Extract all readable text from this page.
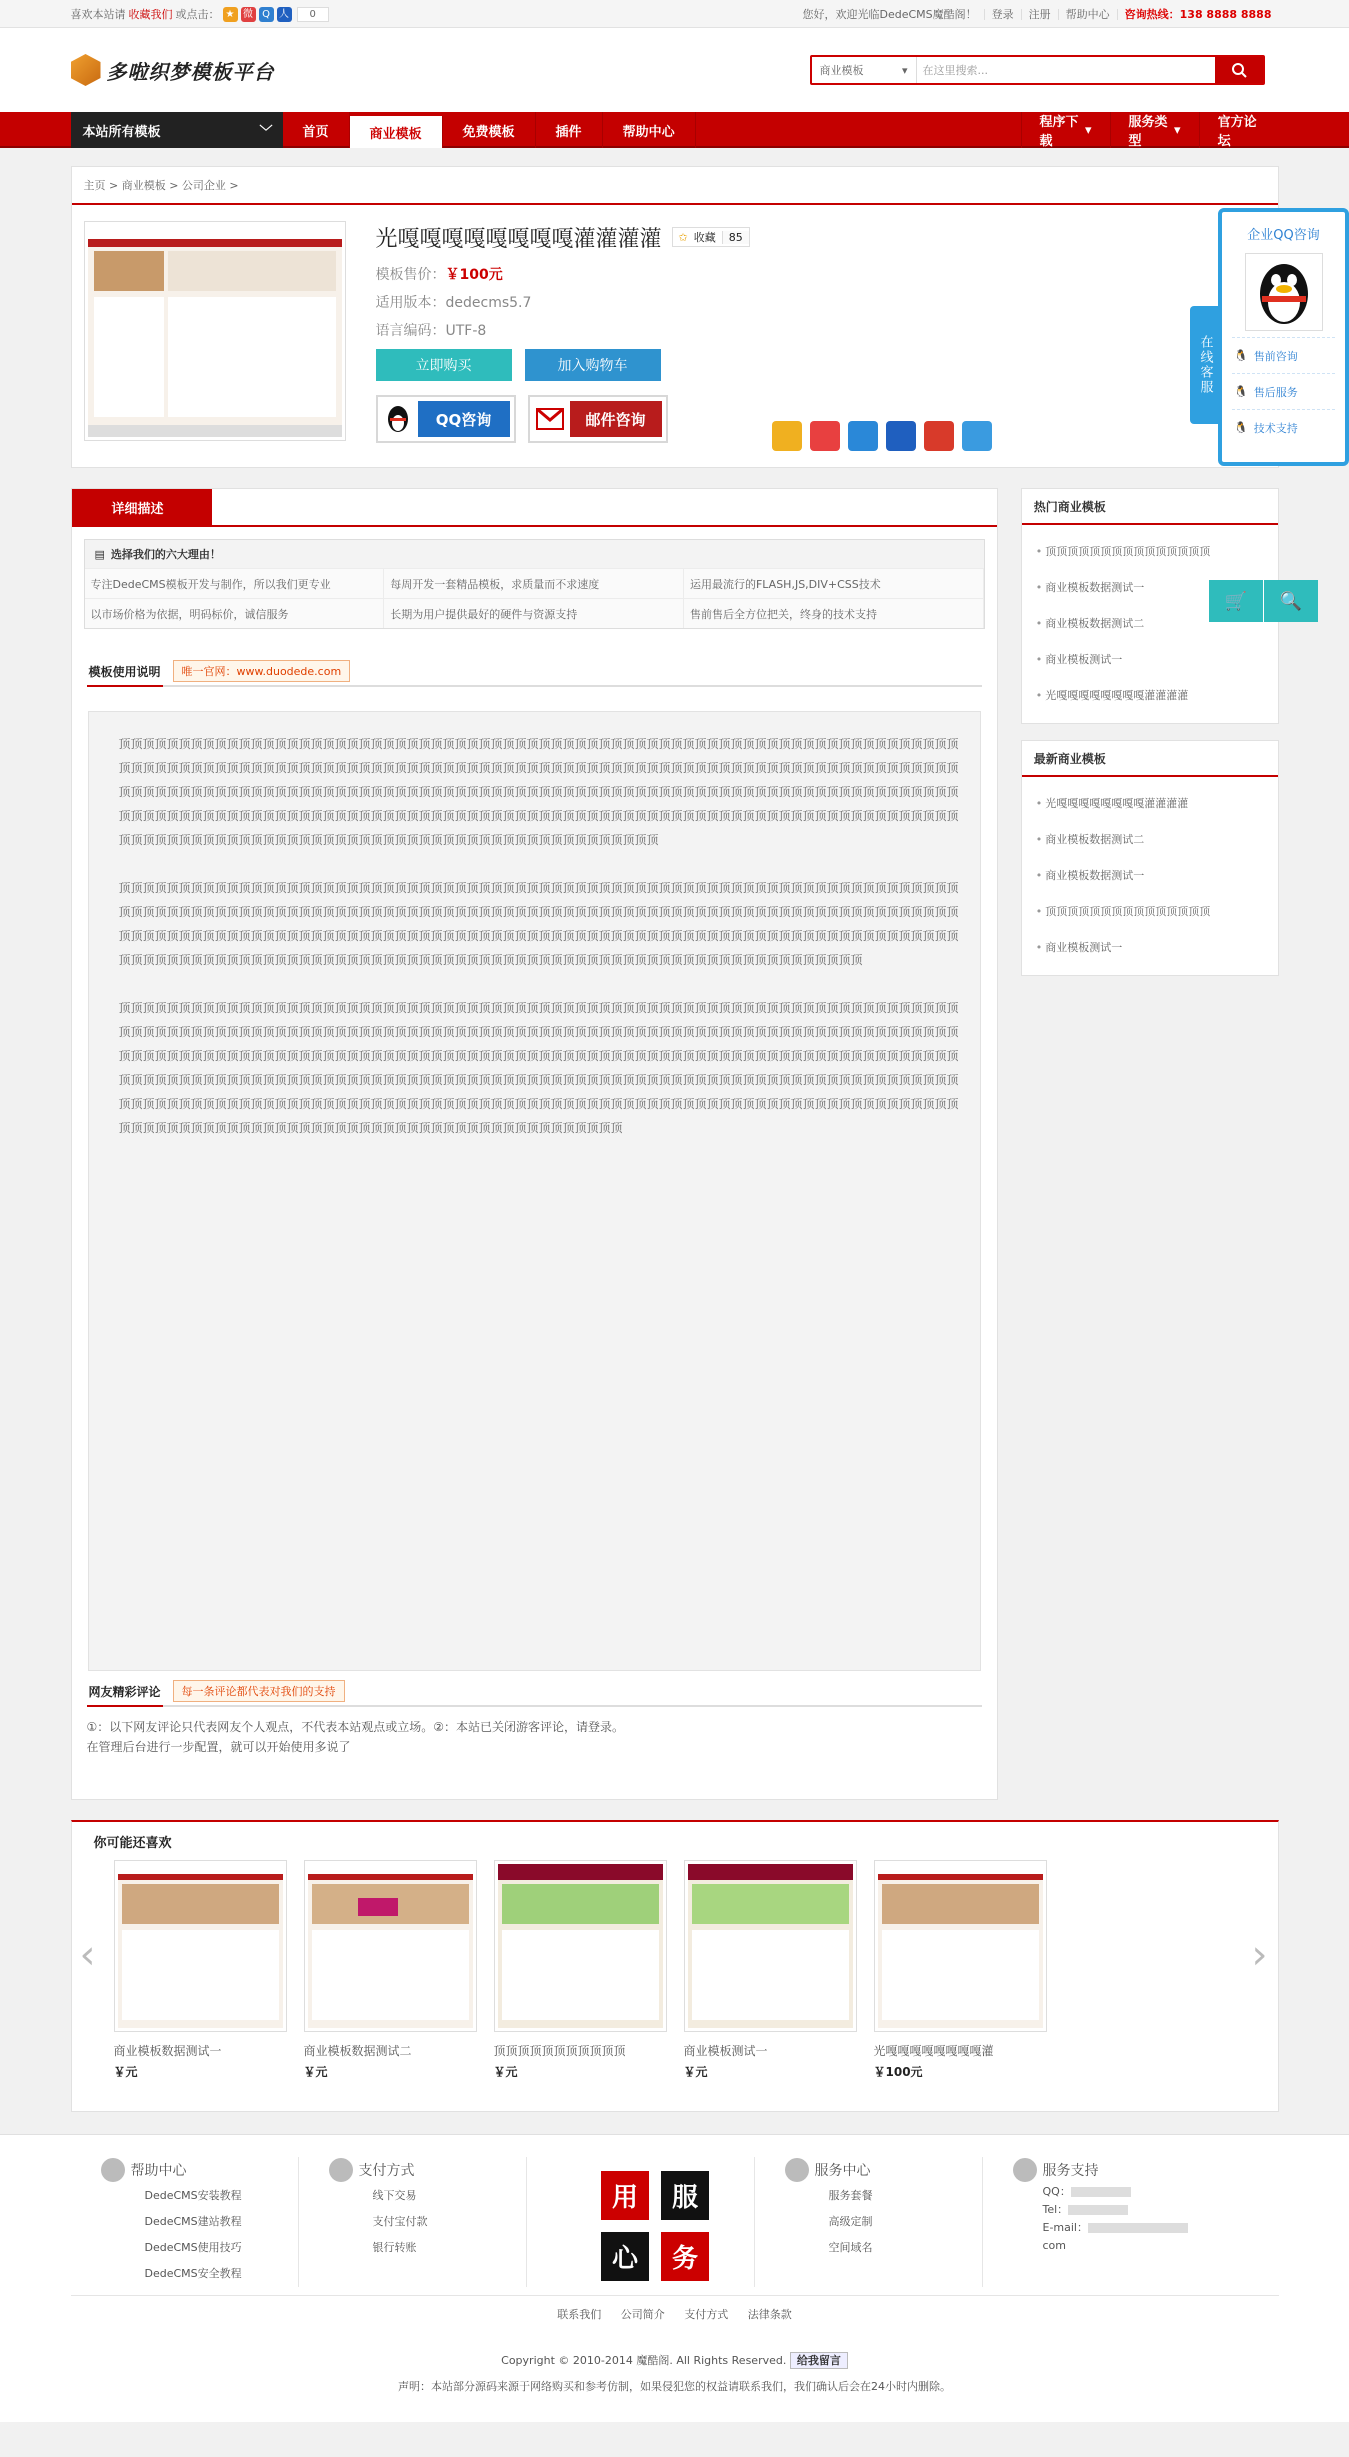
喜欢本站请 收藏我们 或点击： ★ 微 Q 人	0	您好，欢迎光临DedeCMS魔酷阁！	登录	注册	帮助中心	咨询热线：138 8888 8888
多啦织梦模板平台	商业模板	▾	在这里搜索...
本站所有模板	﹀	首页	商业模板	免费模板	插件	帮助中心
程序下载
▾	服务类型
▾	官方论坛
主页 > 商业模板 > 公司企业 >
光嘎嘎嘎嘎嘎嘎嘎嘎灌灌灌灌	✩ 收藏	85
模板售价：￥100元
适用版本：dedecms5.7
语言编码：UTF-8
立即购买	加入购物车
QQ咨询	邮件咨询
详细描述
▤ 选择我们的六大理由！
专注DedeCMS模板开发与制作，所以我们更专业	每周开发一套精品模板，求质量而不求速度	运用最流行的FLASH,JS,DIV+CSS技术
以市场价格为依据，明码标价，诚信服务	长期为用户提供最好的硬件与资源支持	售前售后全方位把关，终身的技术支持
模板使用说明	唯一官网：www.duodede.com

顶顶顶顶顶顶顶顶顶顶顶顶顶顶顶顶顶顶顶顶顶顶顶顶顶顶顶顶顶顶顶顶顶顶顶顶顶顶顶顶顶顶顶顶顶顶顶顶顶顶顶顶顶顶顶顶顶顶顶顶顶顶顶顶顶顶顶顶顶顶顶顶顶顶顶顶顶顶顶顶顶顶顶顶顶顶顶顶顶顶顶顶顶顶顶顶顶顶顶顶顶顶顶顶顶顶顶顶顶顶顶顶顶顶顶顶顶顶顶顶顶顶顶顶顶顶顶顶顶顶顶顶顶顶顶顶顶顶顶顶顶顶顶顶顶顶顶顶顶顶顶顶顶顶顶顶顶顶顶顶顶顶顶顶顶顶顶顶顶顶顶顶顶顶顶顶顶顶顶顶顶顶顶顶顶顶顶顶顶顶顶顶顶顶顶顶顶顶顶顶顶顶顶顶顶顶顶顶顶顶顶顶顶顶顶顶顶顶顶顶顶顶顶顶顶顶顶顶顶顶顶顶顶顶顶顶顶顶顶顶顶顶顶顶顶顶顶顶顶顶顶顶顶顶顶顶顶顶顶顶顶顶顶顶顶顶顶顶顶顶顶顶顶顶顶顶顶顶顶顶顶顶顶顶顶顶顶顶顶顶顶顶顶顶顶顶顶顶顶顶顶顶顶顶顶顶顶顶顶顶顶顶顶顶顶顶顶顶顶顶顶顶顶顶顶

顶顶顶顶顶顶顶顶顶顶顶顶顶顶顶顶顶顶顶顶顶顶顶顶顶顶顶顶顶顶顶顶顶顶顶顶顶顶顶顶顶顶顶顶顶顶顶顶顶顶顶顶顶顶顶顶顶顶顶顶顶顶顶顶顶顶顶顶顶顶顶顶顶顶顶顶顶顶顶顶顶顶顶顶顶顶顶顶顶顶顶顶顶顶顶顶顶顶顶顶顶顶顶顶顶顶顶顶顶顶顶顶顶顶顶顶顶顶顶顶顶顶顶顶顶顶顶顶顶顶顶顶顶顶顶顶顶顶顶顶顶顶顶顶顶顶顶顶顶顶顶顶顶顶顶顶顶顶顶顶顶顶顶顶顶顶顶顶顶顶顶顶顶顶顶顶顶顶顶顶顶顶顶顶顶顶顶顶顶顶顶顶顶顶顶顶顶顶顶顶顶顶顶顶顶顶顶顶顶顶顶顶顶顶顶顶顶顶顶顶顶顶顶顶顶顶顶顶顶顶顶顶顶顶顶顶顶顶顶顶顶顶顶顶顶顶顶顶顶顶顶顶顶顶顶顶顶顶顶顶顶顶顶顶顶顶顶顶顶顶顶顶

顶顶顶顶顶顶顶顶顶顶顶顶顶顶顶顶顶顶顶顶顶顶顶顶顶顶顶顶顶顶顶顶顶顶顶顶顶顶顶顶顶顶顶顶顶顶顶顶顶顶顶顶顶顶顶顶顶顶顶顶顶顶顶顶顶顶顶顶顶顶顶顶顶顶顶顶顶顶顶顶顶顶顶顶顶顶顶顶顶顶顶顶顶顶顶顶顶顶顶顶顶顶顶顶顶顶顶顶顶顶顶顶顶顶顶顶顶顶顶顶顶顶顶顶顶顶顶顶顶顶顶顶顶顶顶顶顶顶顶顶顶顶顶顶顶顶顶顶顶顶顶顶顶顶顶顶顶顶顶顶顶顶顶顶顶顶顶顶顶顶顶顶顶顶顶顶顶顶顶顶顶顶顶顶顶顶顶顶顶顶顶顶顶顶顶顶顶顶顶顶顶顶顶顶顶顶顶顶顶顶顶顶顶顶顶顶顶顶顶顶顶顶顶顶顶顶顶顶顶顶顶顶顶顶顶顶顶顶顶顶顶顶顶顶顶顶顶顶顶顶顶顶顶顶顶顶顶顶顶顶顶顶顶顶顶顶顶顶顶顶顶顶顶顶顶顶顶顶顶顶顶顶顶顶顶顶顶顶顶顶顶顶顶顶顶顶顶顶顶顶顶顶顶顶顶顶顶顶顶顶顶顶顶顶顶顶顶顶顶顶顶顶顶顶顶顶顶顶顶顶顶顶顶顶顶顶顶顶顶顶顶顶顶顶顶顶顶顶顶顶顶顶顶顶顶顶顶顶顶顶顶顶顶顶顶顶顶顶顶顶顶顶顶顶顶顶顶顶顶顶顶顶顶顶顶顶顶顶顶顶顶顶

网友精彩评论	每一条评论都代表对我们的支持
①：以下网友评论只代表网友个人观点，不代表本站观点或立场。②：本站已关闭游客评论，请登录。
在管理后台进行一步配置，就可以开始使用多说了
热门商业模板
• 顶顶顶顶顶顶顶顶顶顶顶顶顶顶顶
• 商业模板数据测试一
• 商业模板数据测试二
• 商业模板测试一
• 光嘎嘎嘎嘎嘎嘎嘎嘎灌灌灌灌
最新商业模板
• 光嘎嘎嘎嘎嘎嘎嘎嘎灌灌灌灌
• 商业模板数据测试二
• 商业模板数据测试一
• 顶顶顶顶顶顶顶顶顶顶顶顶顶顶顶
• 商业模板测试一
你可能还喜欢
‹	›
商业模板数据测试一
￥元
商业模板数据测试二
￥元
顶顶顶顶顶顶顶顶顶顶顶
￥元
商业模板测试一
￥元
光嘎嘎嘎嘎嘎嘎嘎嘎灌
￥100元
在线客服
企业QQ咨询
🐧 售前咨询
🐧 售后服务
🐧 技术支持
🛒	🔍
帮助中心
DedeCMS安装教程
DedeCMS建站教程
DedeCMS使用技巧
DedeCMS安全教程
支付方式
线下交易
支付宝付款
银行转账
用	服
心	务
服务中心
服务套餐
高级定制
空间域名
服务支持
QQ：
Tel：
E-mail：com
联系我们 公司简介 支付方式 法律条款
Copyright © 2010-2014 魔酷阁. All Rights Reserved. 给我留言
声明：本站部分源码来源于网络购买和参考仿制，如果侵犯您的权益请联系我们，我们确认后会在24小时内删除。
